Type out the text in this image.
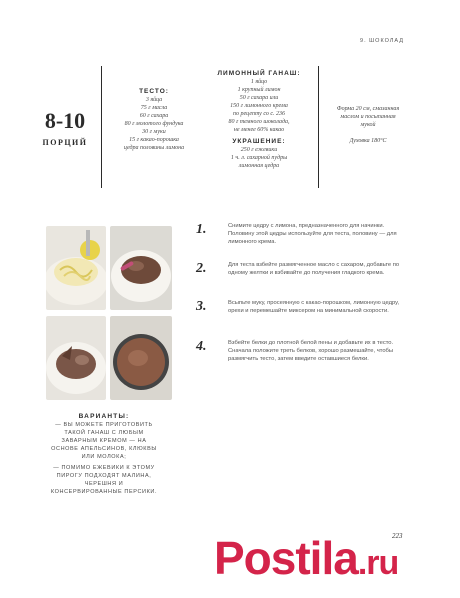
9. ШОКОЛАД
8-10
ПОРЦИЙ
ТЕСТО:
3 яйца
75 г масла
60 г сахара
80 г молотого фундука
30 г муки
15 г какао-порошка
цедра половины лимона
ЛИМОННЫЙ ГАНАШ:
1 яйцо
1 крупный лимон
50 г сахара или
150 г лимонного крема
по рецепту со с. 236
80 г темного шоколада,
не менее 60% какао
УКРАШЕНИЕ:
250 г ежевики
1 ч. л. сахарной пудры
лимонная цедра
Форма 20 см, смазанная
маслом и посыпанная
мукой
Духовка 180°C
1.	Снимите цедру с лимона, предназначенного для начинки. Половину этой цедры используйте для теста, половину — для лимонного крема.
2.	Для теста взбейте размягченное масло с сахаром, добавьте по одному желтки и взбивайте до получения гладкого крема.
3.	Всыпьте муку, просеянную с какао-порошком, лимонную цедру, орехи и перемешайте миксером на минимальной скорости.
4.	Взбейте белки до плотной белой пены и добавьте их в тесто. Сначала положите треть белков, хорошо размешайте, чтобы размягчить тесто, затем введите оставшиеся белки.
ВАРИАНТЫ:
— ВЫ МОЖЕТЕ ПРИГОТОВИТЬ ТАКОЙ ГАНАШ С ЛЮБЫМ ЗАВАРНЫМ КРЕМОМ — НА ОСНОВЕ АПЕЛЬСИНОВ, КЛЮКВЫ ИЛИ МОЛОКА;
— ПОМИМО ЕЖЕВИКИ К ЭТОМУ ПИРОГУ ПОДХОДЯТ МАЛИНА, ЧЕРЕШНЯ И КОНСЕРВИРОВАННЫЕ ПЕРСИКИ.
223
Postila.ru
